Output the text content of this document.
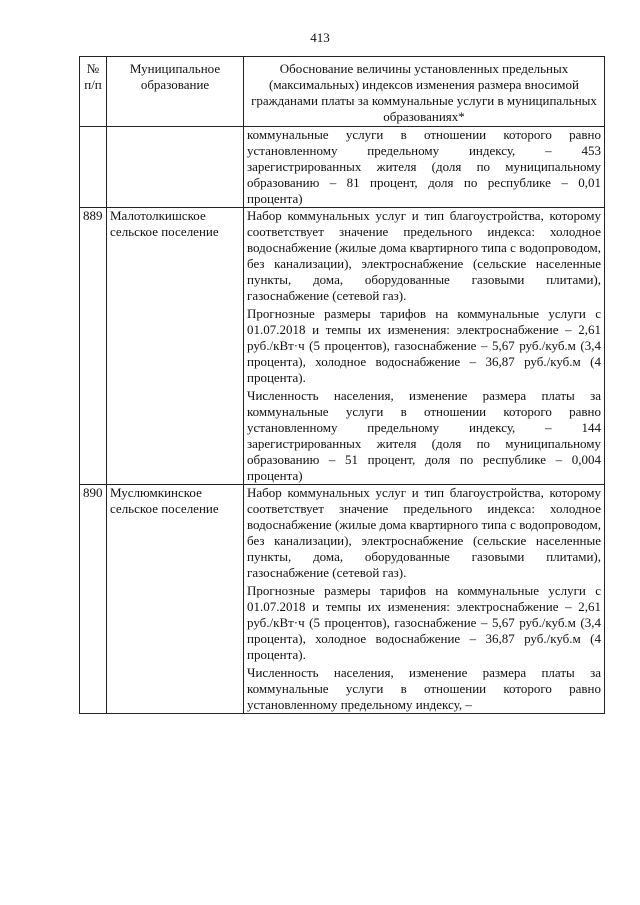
413
№ п/п	Муниципальное образование	Обоснование величины установленных предельных (максимальных) индексов изменения размера вносимой гражданами платы за коммунальные услуги в муниципальных образованиях*

		коммунальные услуги в отношении которого равно установленному предельному индексу, – 453 зарегистрированных жителя (доля по муниципальному образованию – 81 процент, доля по республике – 0,01 процента)

889	Малотолкишское сельское поселение	Набор коммунальных услуг и тип благоустройства, которому соответствует значение предельного индекса: холодное водоснабжение (жилые дома квартирного типа с водопроводом, без канализации), электроснабжение (сельские населенные пункты, дома, оборудованные газовыми плитами), газоснабжение (сетевой газ).

Прогнозные размеры тарифов на коммунальные услуги с 01.07.2018 и темпы их изменения: электроснабжение – 2,61 руб./кВт·ч (5 процентов), газоснабжение – 5,67 руб./куб.м (3,4 процента), холодное водоснабжение – 36,87 руб./куб.м (4 процента).

Численность населения, изменение размера платы за коммунальные услуги в отношении которого равно установленному предельному индексу, – 144 зарегистрированных жителя (доля по муниципальному образованию – 51 процент, доля по республике – 0,004 процента)

890	Муслюмкинское сельское поселение	Набор коммунальных услуг и тип благоустройства, которому соответствует значение предельного индекса: холодное водоснабжение (жилые дома квартирного типа с водопроводом, без канализации), электроснабжение (сельские населенные пункты, дома, оборудованные газовыми плитами), газоснабжение (сетевой газ).

Прогнозные размеры тарифов на коммунальные услуги с 01.07.2018 и темпы их изменения: электроснабжение – 2,61 руб./кВт·ч (5 процентов), газоснабжение – 5,67 руб./куб.м (3,4 процента), холодное водоснабжение – 36,87 руб./куб.м (4 процента).

Численность населения, изменение размера платы за коммунальные услуги в отношении которого равно установленному предельному индексу, –
